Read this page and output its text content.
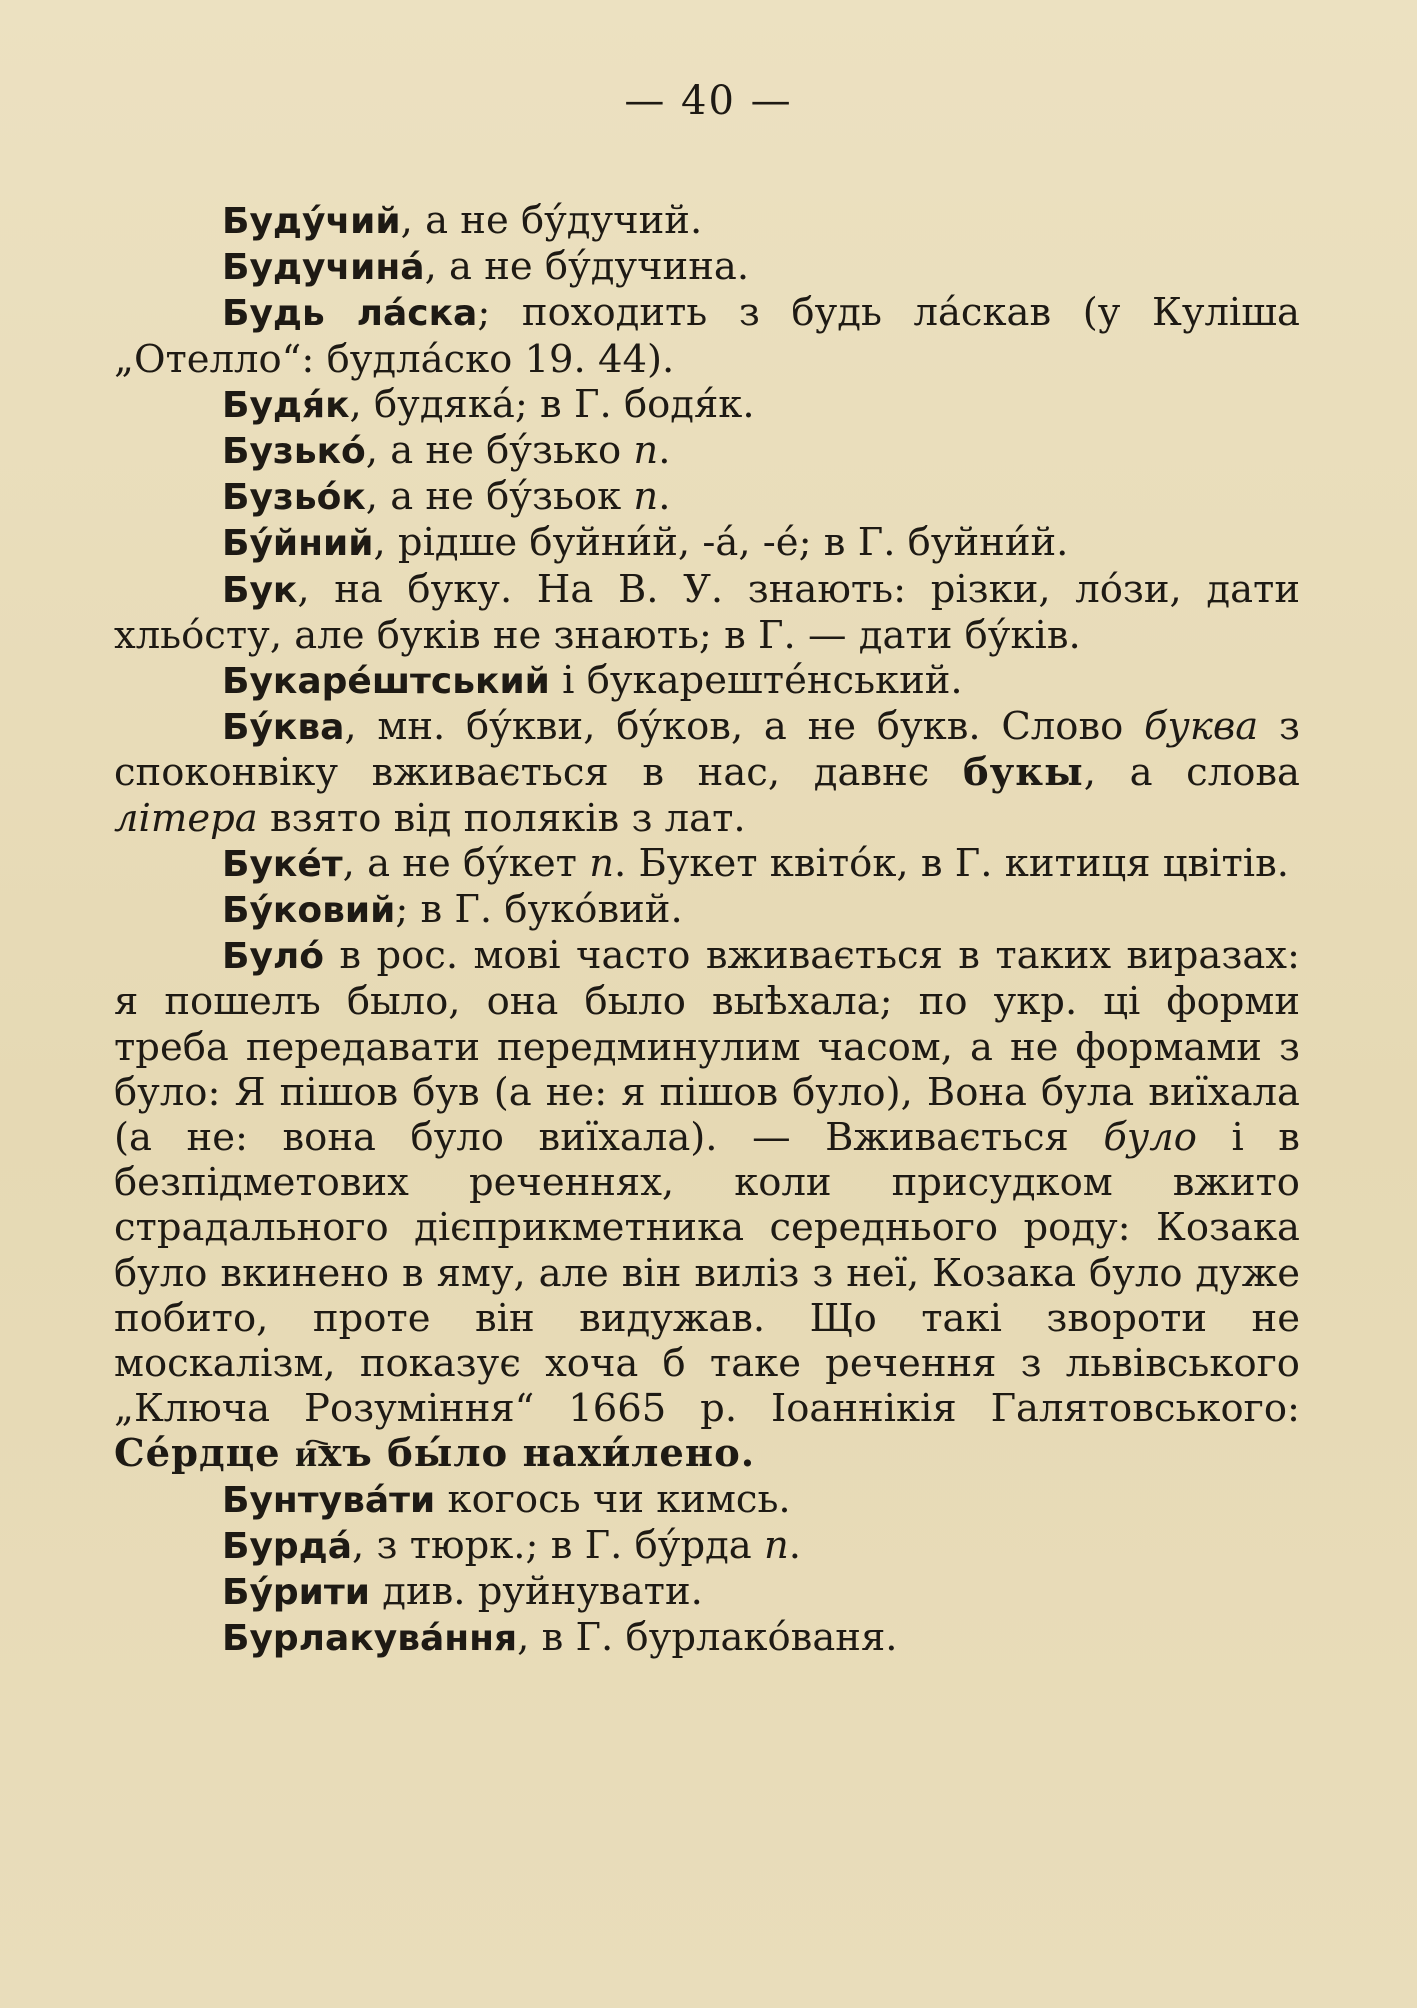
— 40 —

Буду́чий, а не бу́дучий.

Будучина́, а не бу́дучина.

Будь ла́ска; походить з будь ла́скав (у Куліша „Отелло“: будла́ско 19. 44).

Будя́к, будяка́; в Г. бодя́к.

Бузько́, а не бу́зько п.

Бузьо́к, а не бу́зьок п.

Бу́йний, рідше буйни́й, -а́, -е́; в Г. буйни́й.

Бук, на буку. На В. У. знають: різки, ло́зи, дати хльо́сту, але буків не знають; в Г. — дати бу́ків.

Букаре́штський і букарештéнський.

Бу́ква, мн. бу́кви, бу́ков, а не букв. Слово буква з споконвіку вживається в нас, давнє букы, а слова літера взято від поляків з лат.

Буке́т, а не бу́кет п. Букет квіто́к, в Г. китиця цвітів.

Бу́ковий; в Г. буко́вий.

Було́ в рос. мові часто вживається в таких виразах: я пошелъ было, она было выѣхала; по укр. ці форми треба передавати передминулим часом, а не формами з було: Я пішов був (а не: я пішов було), Вона була виїхала (а не: вона було виїхала). — Вживається було і в безпідметових реченнях, коли присудком вжито страдального дієприкметника середнього роду: Козака було вкинено в яму, але він виліз з неї, Козака було дуже побито, проте він видужав. Що такі звороти не москалізм, показує хоча б таке речення з львівського „Ключа Розуміння“ 1665 р. Іоаннікія Галятовського: Сéрдце и҇хъ бы́ло нахи́лено.

Бунтува́ти когось чи кимсь.

Бурда́, з тюрк.; в Г. бу́рда п.

Бу́рити див. руйнувати.

Бурлакува́ння, в Г. бурлако́ваня.
